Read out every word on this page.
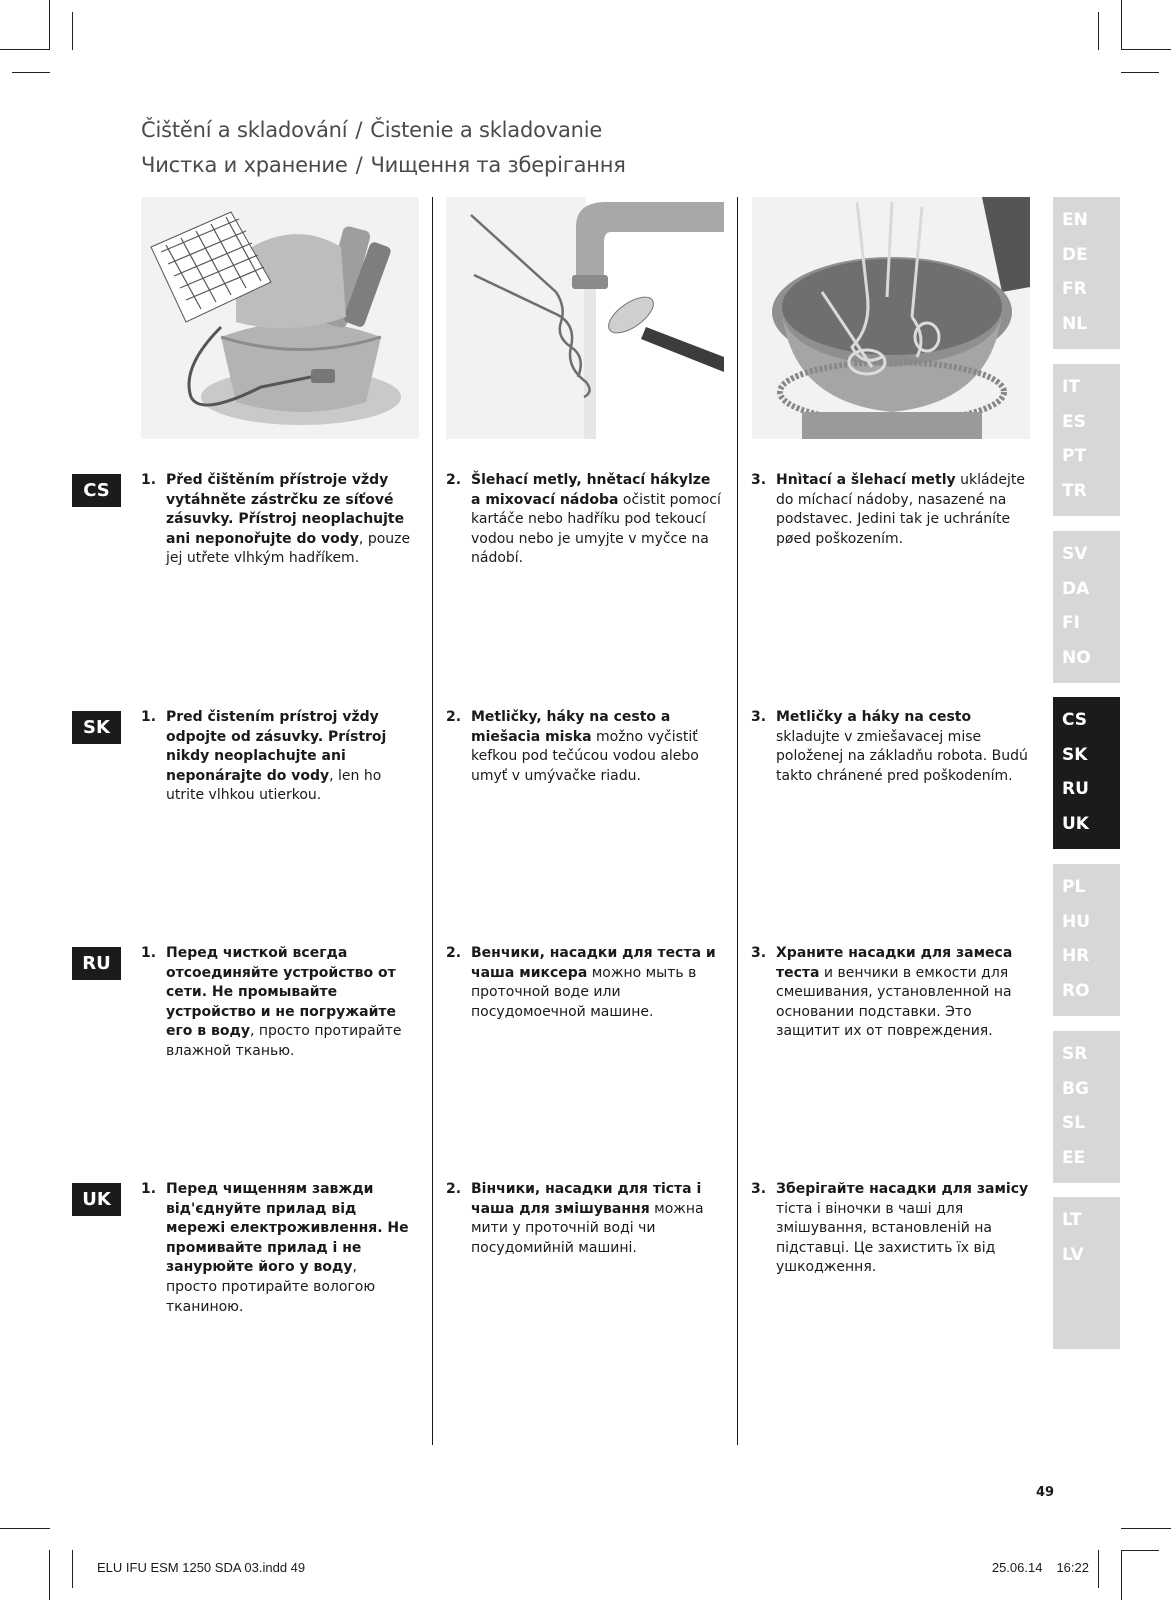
Čištění a skladování / Čistenie a skladovanie
Чистка и хранение / Чищення та зберігання
CS
SK
RU
UK
1. Před čištěním přístroje vždy vytáhněte zástrčku ze síťové zásuvky. Přístroj neoplachujte ani neponořujte do vody, pouze jej utřete vlhkým hadříkem.
2. Šlehací metly, hnětací hákylze a mixovací nádoba očistit pomocí kartáče nebo hadříku pod tekoucí vodou nebo je umyjte v myčce na nádobí.
3. Hnìtací a šlehací metly ukládejte do míchací nádoby, nasazené na podstavec. Jedini tak je uchráníte pøed poškozením.
1. Pred čistením prístroj vždy odpojte od zásuvky. Prístroj nikdy neoplachujte ani neponárajte do vody, len ho utrite vlhkou utierkou.
2. Metličky, háky na cesto a miešacia miska možno vyčistiť kefkou pod tečúcou vodou alebo umyť v umývačke riadu.
3. Metličky a háky na cesto skladujte v zmiešavacej mise položenej na základňu robota. Budú takto chránené pred poškodením.
1. Перед чисткой всегда отсоединяйте устройство от сети. Не промывайте устройство и не погружайте его в воду, просто протирайте влажной тканью.
2. Венчики, насадки для теста и чаша миксера можно мыть в проточной воде или посудомоечной машине.
3. Храните насадки для замеса теста и венчики в емкости для смешивания, установленной на основании подставки. Это защитит их от повреждения.
1. Перед чищенням завжди від'єднуйте прилад від мережі електроживлення. Не промивайте прилад і не занурюйте його у воду, просто протирайте вологою тканиною.
2. Вінчики, насадки для тіста і чаша для змішування можна мити у проточній воді чи посудомийній машині.
3. Зберігайте насадки для замісу тіста і віночки в чаші для змішування, встановленій на підставці. Це захистить їх від ушкодження.
EN
DE
FR
NL
IT
ES
PT
TR
SV
DA
FI
NO
CS
SK
RU
UK
PL
HU
HR
RO
SR
BG
SL
EE
LT
LV
49
ELU IFU ESM 1250 SDA 03.indd 49	25.06.14 16:22
